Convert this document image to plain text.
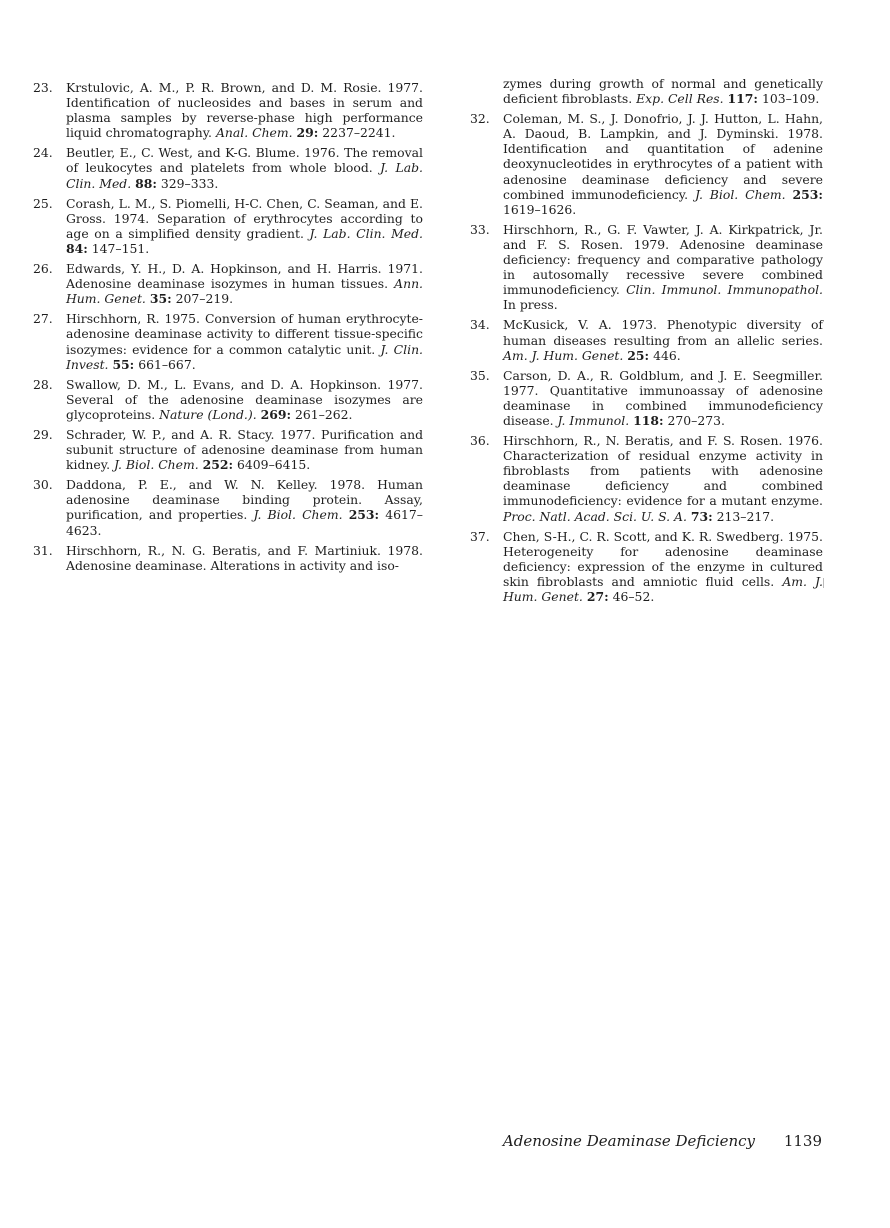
23. Krstulovic, A. M., P. R. Brown, and D. M. Rosie. 1977. Identification of nucleosides and bases in serum and plasma samples by reverse-phase high performance liquid chromatography. Anal. Chem. 29: 2237–2241.
24. Beutler, E., C. West, and K-G. Blume. 1976. The removal of leukocytes and platelets from whole blood. J. Lab. Clin. Med. 88: 329–333.
25. Corash, L. M., S. Piomelli, H-C. Chen, C. Seaman, and E. Gross. 1974. Separation of erythrocytes according to age on a simplified density gradient. J. Lab. Clin. Med. 84: 147–151.
26. Edwards, Y. H., D. A. Hopkinson, and H. Harris. 1971. Adenosine deaminase isozymes in human tissues. Ann. Hum. Genet. 35: 207–219.
27. Hirschhorn, R. 1975. Conversion of human erythrocyte-adenosine deaminase activity to different tissue-specific isozymes: evidence for a common catalytic unit. J. Clin. Invest. 55: 661–667.
28. Swallow, D. M., L. Evans, and D. A. Hopkinson. 1977. Several of the adenosine deaminase isozymes are glycoproteins. Nature (Lond.). 269: 261–262.
29. Schrader, W. P., and A. R. Stacy. 1977. Purification and subunit structure of adenosine deaminase from human kidney. J. Biol. Chem. 252: 6409–6415.
30. Daddona, P. E., and W. N. Kelley. 1978. Human adenosine deaminase binding protein. Assay, purification, and properties. J. Biol. Chem. 253: 4617–4623.
31. Hirschhorn, R., N. G. Beratis, and F. Martiniuk. 1978. Adenosine deaminase. Alterations in activity and iso-
zymes during growth of normal and genetically deficient fibroblasts. Exp. Cell Res. 117: 103–109.
32. Coleman, M. S., J. Donofrio, J. J. Hutton, L. Hahn, A. Daoud, B. Lampkin, and J. Dyminski. 1978. Identification and quantitation of adenine deoxynucleotides in erythrocytes of a patient with adenosine deaminase deficiency and severe combined immunodeficiency. J. Biol. Chem. 253: 1619–1626.
33. Hirschhorn, R., G. F. Vawter, J. A. Kirkpatrick, Jr. and F. S. Rosen. 1979. Adenosine deaminase deficiency: frequency and comparative pathology in autosomally recessive severe combined immunodeficiency. Clin. Immunol. Immunopathol. In press.
34. McKusick, V. A. 1973. Phenotypic diversity of human diseases resulting from an allelic series. Am. J. Hum. Genet. 25: 446.
35. Carson, D. A., R. Goldblum, and J. E. Seegmiller. 1977. Quantitative immunoassay of adenosine deaminase in combined immunodeficiency disease. J. Immunol. 118: 270–273.
36. Hirschhorn, R., N. Beratis, and F. S. Rosen. 1976. Characterization of residual enzyme activity in fibroblasts from patients with adenosine deaminase deficiency and combined immunodeficiency: evidence for a mutant enzyme. Proc. Natl. Acad. Sci. U. S. A. 73: 213–217.
37. Chen, S-H., C. R. Scott, and K. R. Swedberg. 1975. Heterogeneity for adenosine deaminase deficiency: expression of the enzyme in cultured skin fibroblasts and amniotic fluid cells. Am. J. Hum. Genet. 27: 46–52.
Adenosine Deaminase Deficiency 1139
